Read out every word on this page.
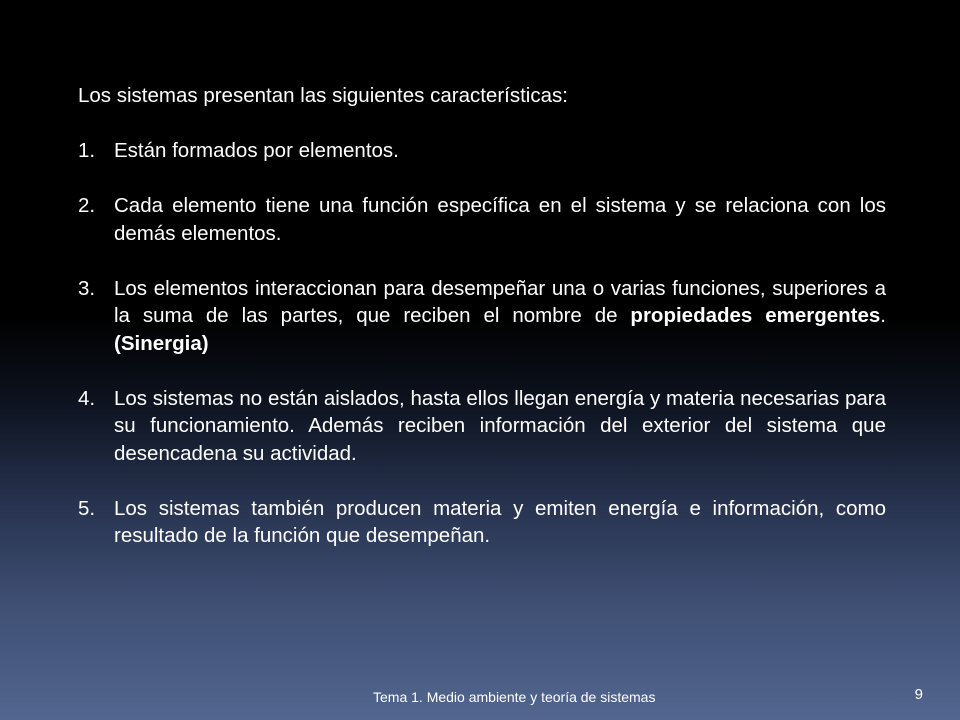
Los sistemas presentan las siguientes características:

1. Están formados por elementos.
2. Cada elemento tiene una función específica en el sistema y se relaciona con los demás elementos.
3. Los elementos interaccionan para desempeñar una o varias funciones, superiores a la suma de las partes, que reciben el nombre de propiedades emergentes. (Sinergia)
4. Los sistemas no están aislados, hasta ellos llegan energía y materia necesarias para su funcionamiento. Además reciben información del exterior del sistema que desencadena su actividad.
5. Los sistemas también producen materia y emiten energía e información, como resultado de la función que desempeñan.
Tema 1. Medio ambiente y teoría de sistemas	9
